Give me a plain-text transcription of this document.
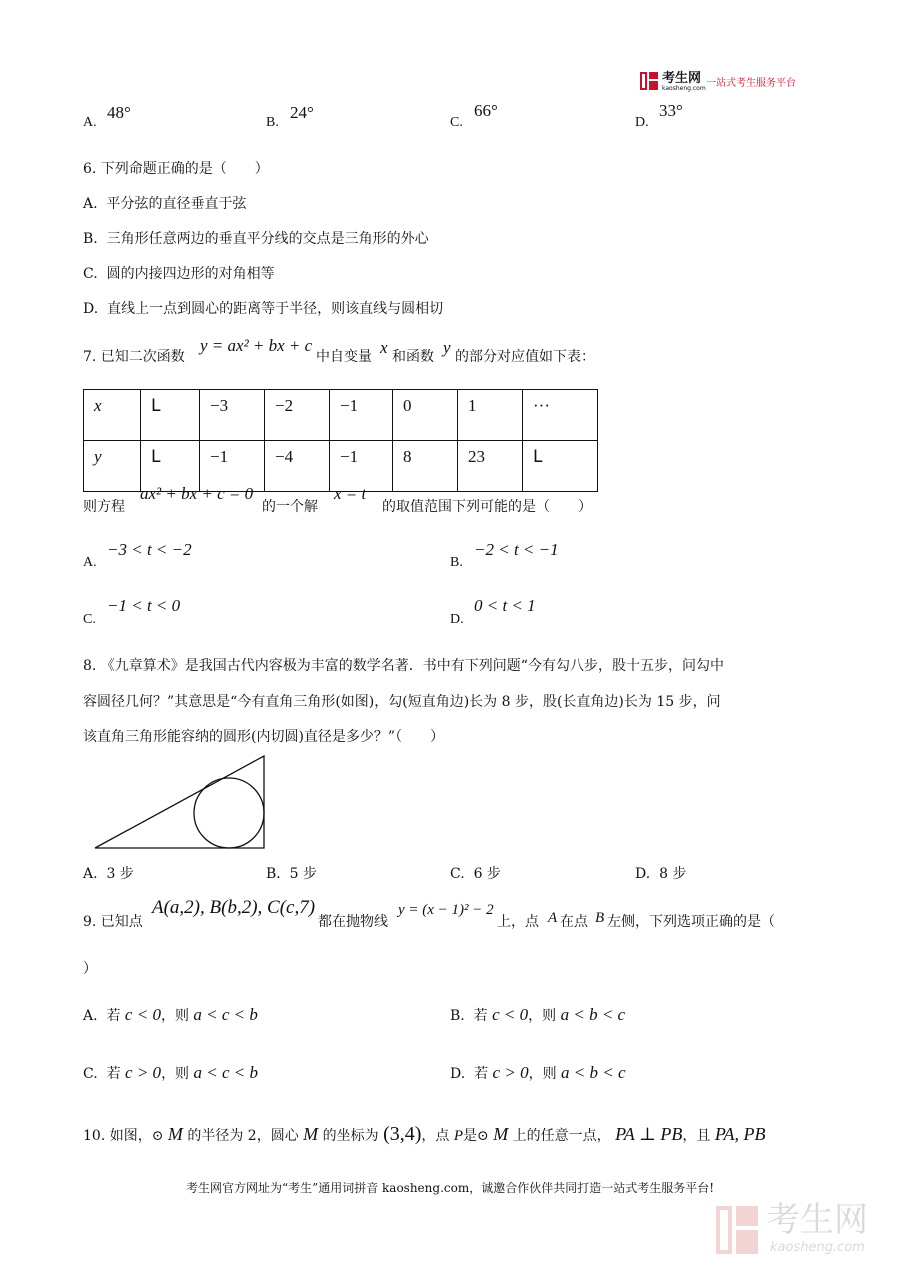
考生网
kaosheng.com 一站式考生服务平台
A.
48°
B.
24°
C.
66°
D.
33°
6. 下列命题正确的是（　　）
A. 平分弦的直径垂直于弦
B. 三角形任意两边的垂直平分线的交点是三角形的外心
C. 圆的内接四边形的对角相等
D. 直线上一点到圆心的距离等于半径，则该直线与圆相切
7. 已知二次函数
y = ax² + bx + c
中自变量 x 和函数 y 的部分对应值如下表：
x	ᒪ	−3	−2	−1	0	1	···
y	ᒪ	−1	−4	−1	8	23	ᒪ
则方程
ax² + bx + c = 0
的一个解
x = t
的取值范围下列可能的是（　　）
A.
−3 < t < −2
B.
−2 < t < −1
C.
−1 < t < 0
D.
0 < t < 1
8. 《九章算术》是我国古代内容极为丰富的数学名著．书中有下列问题“今有勾八步，股十五步，问勾中
容圆径几何？”其意思是“今有直角三角形(如图)，勾(短直角边)长为 8 步，股(长直角边)长为 15 步，问
该直角三角形能容纳的圆形(内切圆)直径是多少？”（　　）
A. 3 步	B. 5 步	C. 6 步	D. 8 步
9. 已知点
A(a,2), B(b,2), C(c,7)
都在抛物线
y = (x − 1)² − 2
上，点 A 在点 B 左侧，下列选项正确的是（
）
A. 若 c < 0，则 a < c < b	B. 若 c < 0，则 a < b < c
C. 若 c > 0，则 a < c < b	D. 若 c > 0，则 a < b < c
10. 如图，⊙ M 的半径为 2，圆心 M 的坐标为 (3,4)，点 P是⊙ M 上的任意一点， PA ⊥ PB，且 PA, PB
考生网官方网址为“考生”通用词拼音 kaosheng.com，诚邀合作伙伴共同打造一站式考生服务平台!
考生网
kaosheng.com
